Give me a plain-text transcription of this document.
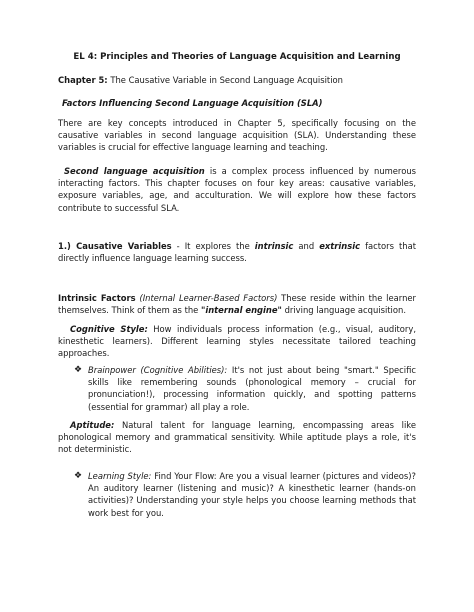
EL 4: Principles and Theories of Language Acquisition and Learning

Chapter 5: The Causative Variable in Second Language Acquisition

Factors Influencing Second Language Acquisition (SLA)

There are key concepts introduced in Chapter 5, specifically focusing on the causative variables in second language acquisition (SLA). Understanding these variables is crucial for effective language learning and teaching.

Second language acquisition is a complex process influenced by numerous interacting factors. This chapter focuses on four key areas: causative variables, exposure variables, age, and acculturation. We will explore how these factors contribute to successful SLA.

1.) Causative Variables - It explores the intrinsic and extrinsic factors that directly influence language learning success.

Intrinsic Factors (Internal Learner-Based Factors) These reside within the learner themselves. Think of them as the "internal engine" driving language acquisition.

Cognitive Style: How individuals process information (e.g., visual, auditory, kinesthetic learners). Different learning styles necessitate tailored teaching approaches.

❖ Brainpower (Cognitive Abilities): It's not just about being "smart." Specific skills like remembering sounds (phonological memory – crucial for pronunciation!), processing information quickly, and spotting patterns (essential for grammar) all play a role.

Aptitude: Natural talent for language learning, encompassing areas like phonological memory and grammatical sensitivity. While aptitude plays a role, it's not deterministic.

❖ Learning Style: Find Your Flow: Are you a visual learner (pictures and videos)? An auditory learner (listening and music)? A kinesthetic learner (hands-on activities)? Understanding your style helps you choose learning methods that work best for you.
